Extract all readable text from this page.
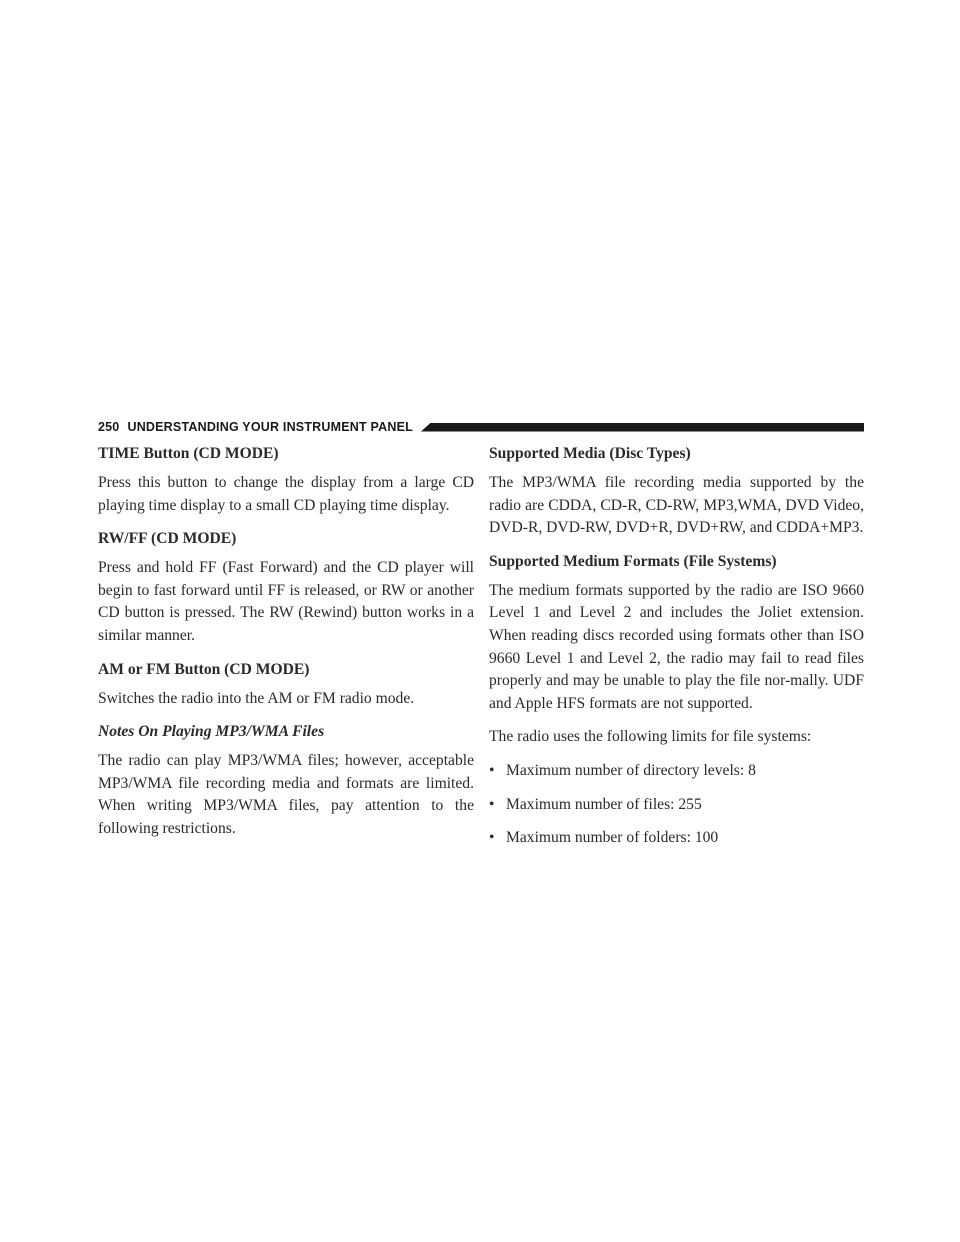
250 UNDERSTANDING YOUR INSTRUMENT PANEL
TIME Button (CD MODE)

Press this button to change the display from a large CD playing time display to a small CD playing time display.

RW/FF (CD MODE)

Press and hold FF (Fast Forward) and the CD player will begin to fast forward until FF is released, or RW or another CD button is pressed. The RW (Rewind) button works in a similar manner.

AM or FM Button (CD MODE)

Switches the radio into the AM or FM radio mode.

Notes On Playing MP3/WMA Files

The radio can play MP3/WMA files; however, acceptable MP3/WMA file recording media and formats are limited. When writing MP3/WMA files, pay attention to the following restrictions.

Supported Media (Disc Types)

The MP3/WMA file recording media supported by the radio are CDDA, CD-R, CD-RW, MP3,WMA, DVD Video, DVD-R, DVD-RW, DVD+R, DVD+RW, and CDDA+MP3.

Supported Medium Formats (File Systems)

The medium formats supported by the radio are ISO 9660 Level 1 and Level 2 and includes the Joliet extension. When reading discs recorded using formats other than ISO 9660 Level 1 and Level 2, the radio may fail to read files properly and may be unable to play the file nor-mally. UDF and Apple HFS formats are not supported.

The radio uses the following limits for file systems:

• Maximum number of directory levels: 8
• Maximum number of files: 255
• Maximum number of folders: 100
